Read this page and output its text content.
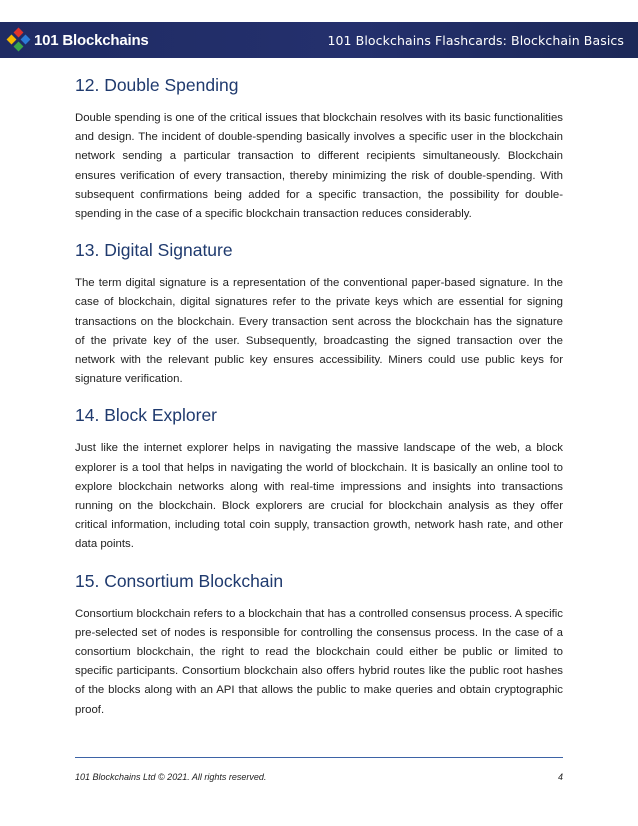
101 Blockchains	101 Blockchains Flashcards: Blockchain Basics
12. Double Spending

Double spending is one of the critical issues that blockchain resolves with its basic functionalities and design. The incident of double-spending basically involves a specific user in the blockchain network sending a particular transaction to different recipients simultaneously. Blockchain ensures verification of every transaction, thereby minimizing the risk of double-spending. With subsequent confirmations being added for a specific transaction, the possibility for double-spending in the case of a specific blockchain transaction reduces considerably.

13. Digital Signature

The term digital signature is a representation of the conventional paper-based signature. In the case of blockchain, digital signatures refer to the private keys which are essential for signing transactions on the blockchain. Every transaction sent across the blockchain has the signature of the private key of the user. Subsequently, broadcasting the signed transaction over the network with the relevant public key ensures accessibility. Miners could use public keys for signature verification.

14. Block Explorer

Just like the internet explorer helps in navigating the massive landscape of the web, a block explorer is a tool that helps in navigating the world of blockchain. It is basically an online tool to explore blockchain networks along with real-time impressions and insights into transactions running on the blockchain. Block explorers are crucial for blockchain analysis as they offer critical information, including total coin supply, transaction growth, network hash rate, and other data points.

15. Consortium Blockchain

Consortium blockchain refers to a blockchain that has a controlled consensus process. A specific pre-selected set of nodes is responsible for controlling the consensus process. In the case of a consortium blockchain, the right to read the blockchain could either be public or limited to specific participants. Consortium blockchain also offers hybrid routes like the public root hashes of the blocks along with an API that allows the public to make queries and obtain cryptographic proof.

101 Blockchains Ltd © 2021. All rights reserved.	4
